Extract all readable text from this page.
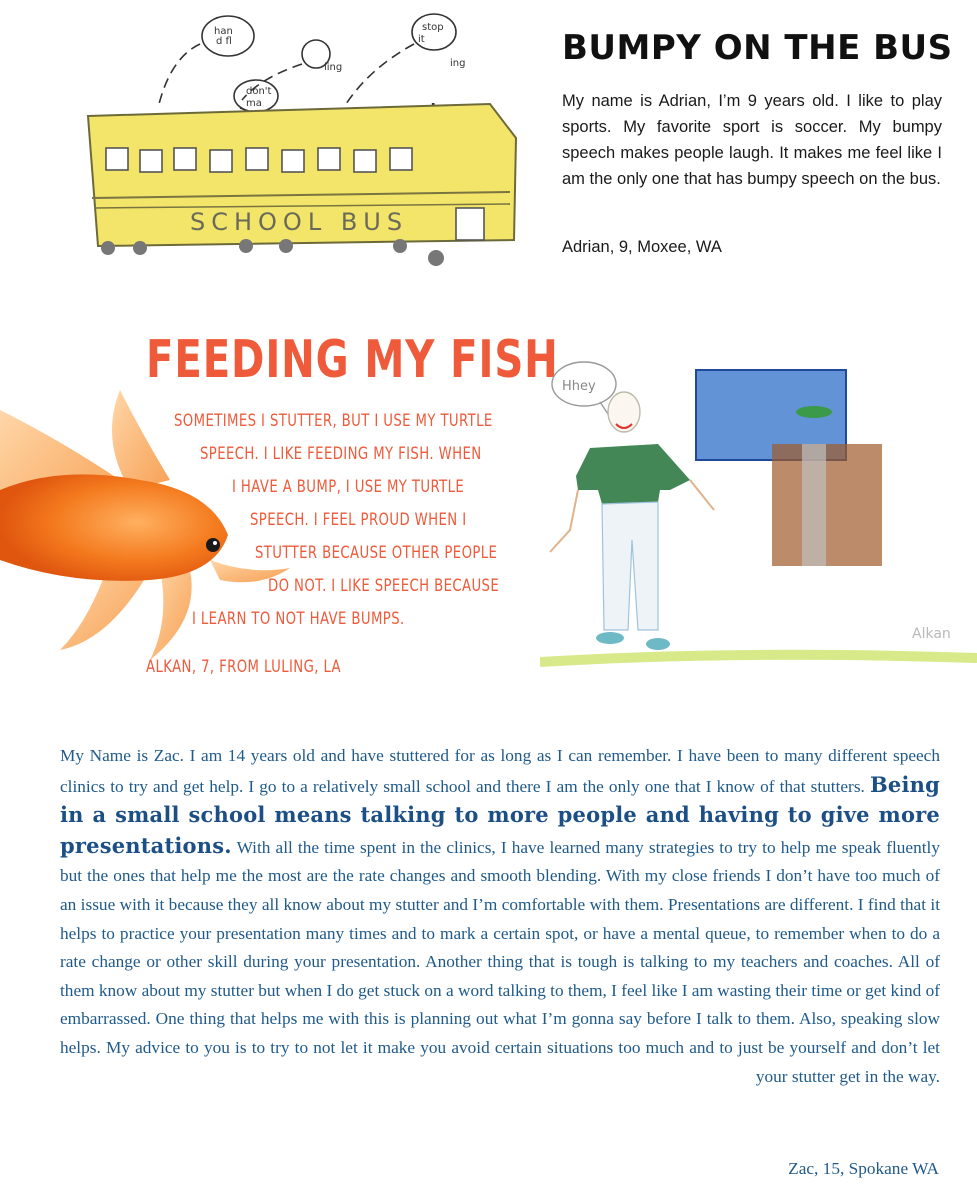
han
d fl
stop
it
ling	ing
don't
ma
SCHOOL BUS
BUMPY ON THE BUS

My name is Adrian, I’m 9 years old. I like to play sports. My favorite sport is soccer. My bumpy speech makes people laugh. It makes me feel like I am the only one that has bumpy speech on the bus.

Adrian, 9, Moxee, WA

FEEDING MY FISH

SOMETIMES I STUTTER, BUT I USE MY TURTLE

SPEECH. I LIKE FEEDING MY FISH. WHEN

I HAVE A BUMP, I USE MY TURTLE

SPEECH. I FEEL PROUD WHEN I

STUTTER BECAUSE OTHER PEOPLE

DO NOT. I LIKE SPEECH BECAUSE

I LEARN TO NOT HAVE BUMPS.

ALKAN, 7, FROM LULING, LA

Hhey
Alkan

My Name is Zac. I am 14 years old and have stuttered for as long as I can remember. I have been to many different speech clinics to try and get help. I go to a relatively small school and there I am the only one that I know of that stutters. Being in a small school means talking to more people and having to give more presentations. With all the time spent in the clinics, I have learned many strategies to try to help me speak fluently but the ones that help me the most are the rate changes and smooth blending. With my close friends I don’t have too much of an issue with it because they all know about my stutter and I’m comfortable with them. Presentations are different. I find that it helps to practice your presentation many times and to mark a certain spot, or have a mental queue, to remember when to do a rate change or other skill during your presentation. Another thing that is tough is talking to my teachers and coaches. All of them know about my stutter but when I do get stuck on a word talking to them, I feel like I am wasting their time or get kind of embarrassed. One thing that helps me with this is planning out what I’m gonna say before I talk to them. Also, speaking slow helps. My advice to you is to try to not let it make you avoid certain situations too much and to just be yourself and don’t let your stutter get in the way.

Zac, 15, Spokane WA
